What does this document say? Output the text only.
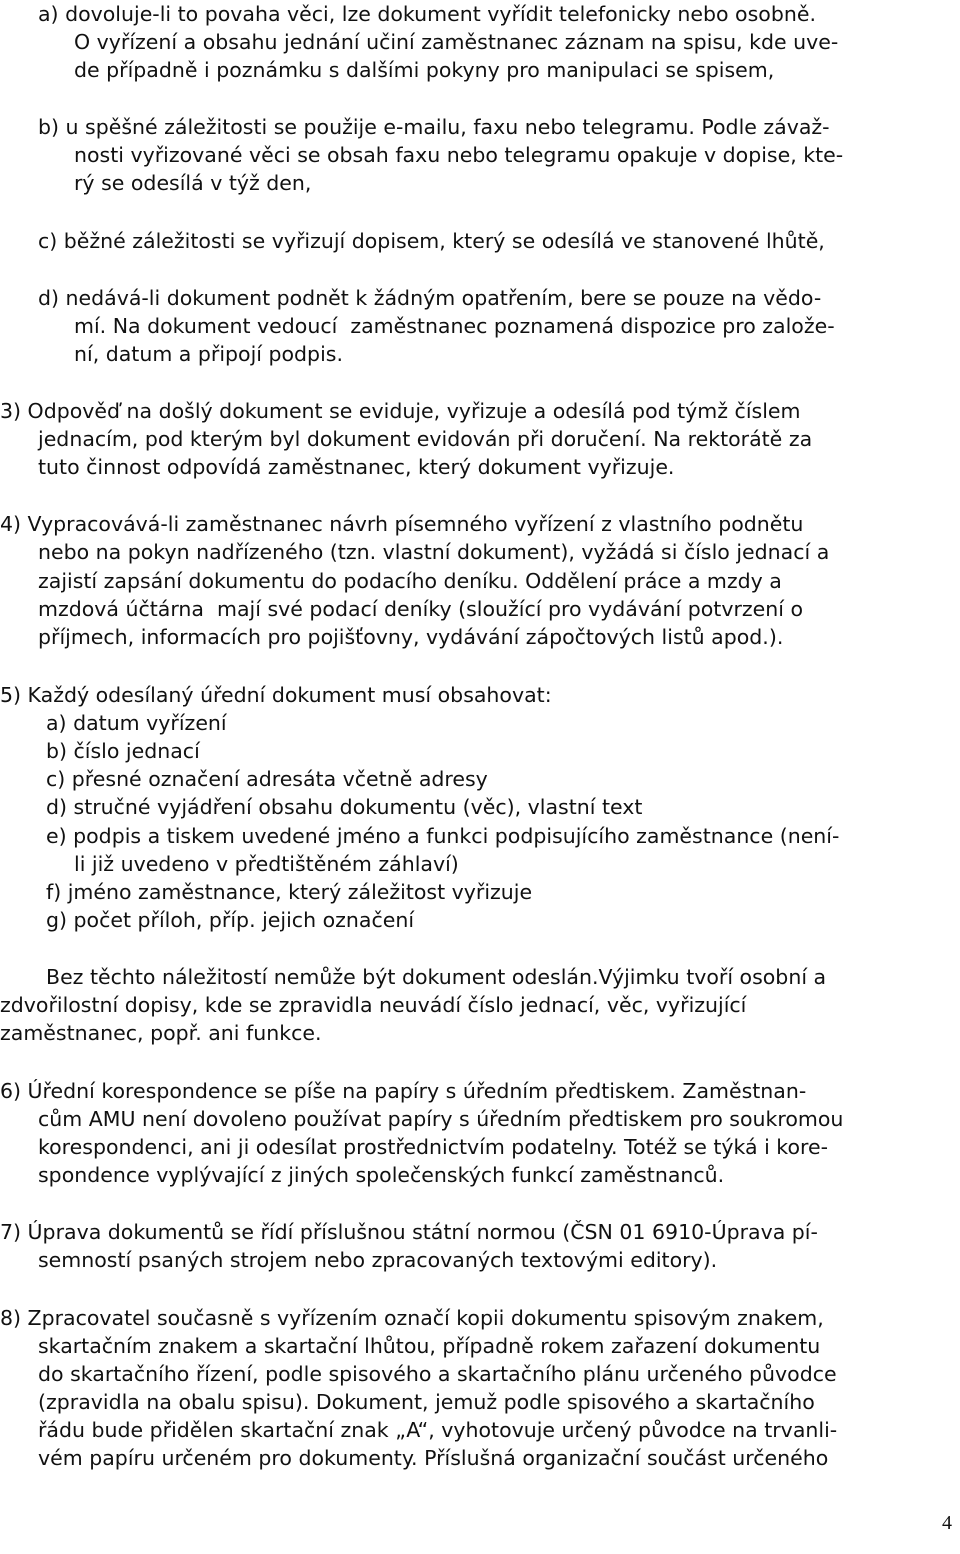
a) dovoluje-li to povaha věci, lze dokument vyřídit telefonicky nebo osobně.
O vyřízení a obsahu jednání učiní zaměstnanec záznam na spisu, kde uve-
de případně i poznámku s dalšími pokyny pro manipulaci se spisem,
b) u spěšné záležitosti se použije e-mailu, faxu nebo telegramu. Podle závaž-
nosti vyřizované věci se obsah faxu nebo telegramu opakuje v dopise, kte-
rý se odesílá v týž den,
c) běžné záležitosti se vyřizují dopisem, který se odesílá ve stanovené lhůtě,
d) nedává-li dokument podnět k žádným opatřením, bere se pouze na vědo-
mí. Na dokument vedoucí  zaměstnanec poznamená dispozice pro založe-
ní, datum a připojí podpis.
3) Odpověď na došlý dokument se eviduje, vyřizuje a odesílá pod týmž číslem
jednacím, pod kterým byl dokument evidován při doručení. Na rektorátě za
tuto činnost odpovídá zaměstnanec, který dokument vyřizuje.
4) Vypracovává-li zaměstnanec návrh písemného vyřízení z vlastního podnětu
nebo na pokyn nadřízeného (tzn. vlastní dokument), vyžádá si číslo jednací a
zajistí zapsání dokumentu do podacího deníku. Oddělení práce a mzdy a
mzdová účtárna  mají své podací deníky (sloužící pro vydávání potvrzení o
příjmech, informacích pro pojišťovny, vydávání zápočtových listů apod.).
5) Každý odesílaný úřední dokument musí obsahovat:
a) datum vyřízení
b) číslo jednací
c) přesné označení adresáta včetně adresy
d) stručné vyjádření obsahu dokumentu (věc), vlastní text
e) podpis a tiskem uvedené jméno a funkci podpisujícího zaměstnance (není-
li již uvedeno v předtištěném záhlaví)
f) jméno zaměstnance, který záležitost vyřizuje
g) počet příloh, příp. jejich označení
Bez těchto náležitostí nemůže být dokument odeslán.Výjimku tvoří osobní a
zdvořilostní dopisy, kde se zpravidla neuvádí číslo jednací, věc, vyřizující
zaměstnanec, popř. ani funkce.
6) Úřední korespondence se píše na papíry s úředním předtiskem. Zaměstnan-
cům AMU není dovoleno používat papíry s úředním předtiskem pro soukromou
korespondenci, ani ji odesílat prostřednictvím podatelny. Totéž se týká i kore-
spondence vyplývající z jiných společenských funkcí zaměstnanců.
7) Úprava dokumentů se řídí příslušnou státní normou (ČSN 01 6910-Úprava pí-
semností psaných strojem nebo zpracovaných textovými editory).
8) Zpracovatel současně s vyřízením označí kopii dokumentu spisovým znakem,
skartačním znakem a skartační lhůtou, případně rokem zařazení dokumentu
do skartačního řízení, podle spisového a skartačního plánu určeného původce
(zpravidla na obalu spisu). Dokument, jemuž podle spisového a skartačního
řádu bude přidělen skartační znak „A“, vyhotovuje určený původce na trvanli-
vém papíru určeném pro dokumenty. Příslušná organizační součást určeného
4
